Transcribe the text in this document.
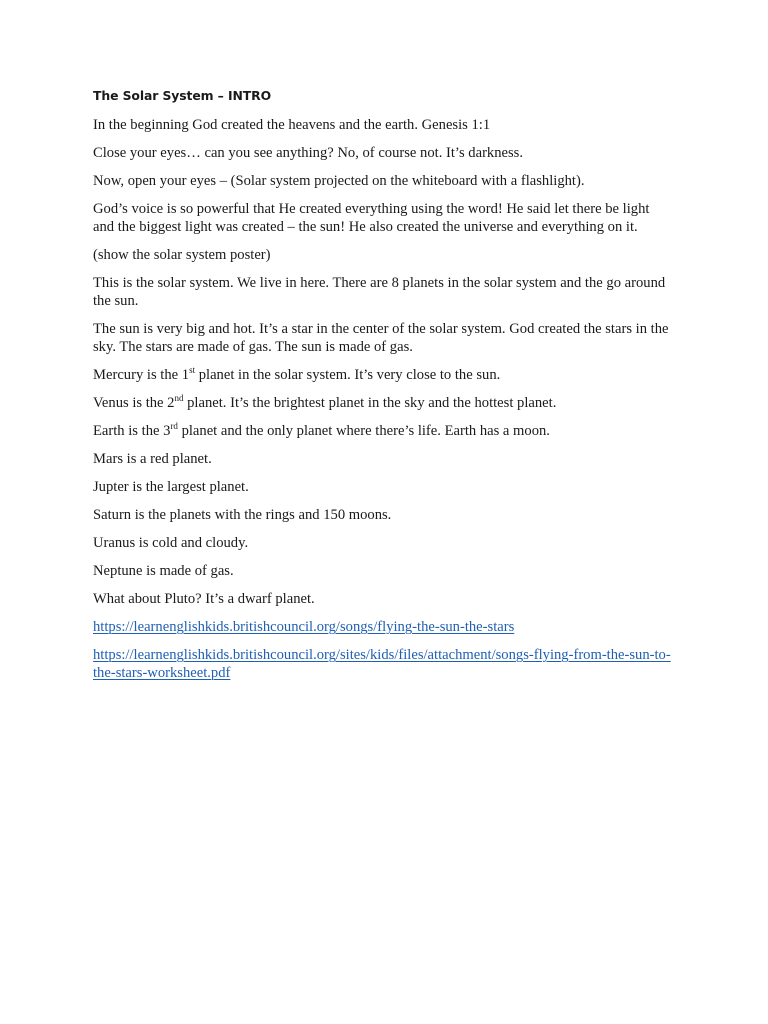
The Solar System – INTRO

In the beginning God created the heavens and the earth. Genesis 1:1

Close your eyes… can you see anything? No, of course not. It’s darkness.

Now, open your eyes – (Solar system projected on the whiteboard with a flashlight).

God’s voice is so powerful that He created everything using the word! He said let there be light and the biggest light was created – the sun! He also created the universe and everything on it.

(show the solar system poster)

This is the solar system. We live in here. There are 8 planets in the solar system and the go around the sun.

The sun is very big and hot. It’s a star in the center of the solar system. God created the stars in the sky. The stars are made of gas. The sun is made of gas.

Mercury is the 1st planet in the solar system. It’s very close to the sun.

Venus is the 2nd planet. It’s the brightest planet in the sky and the hottest planet.

Earth is the 3rd planet and the only planet where there’s life. Earth has a moon.

Mars is a red planet.

Jupter is the largest planet.

Saturn is the planets with the rings and 150 moons.

Uranus is cold and cloudy.

Neptune is made of gas.

What about Pluto? It’s a dwarf planet.

https://learnenglishkids.britishcouncil.org/songs/flying-the-sun-the-stars
https://learnenglishkids.britishcouncil.org/sites/kids/files/attachment/songs-flying-from-the-sun-to-the-stars-worksheet.pdf
